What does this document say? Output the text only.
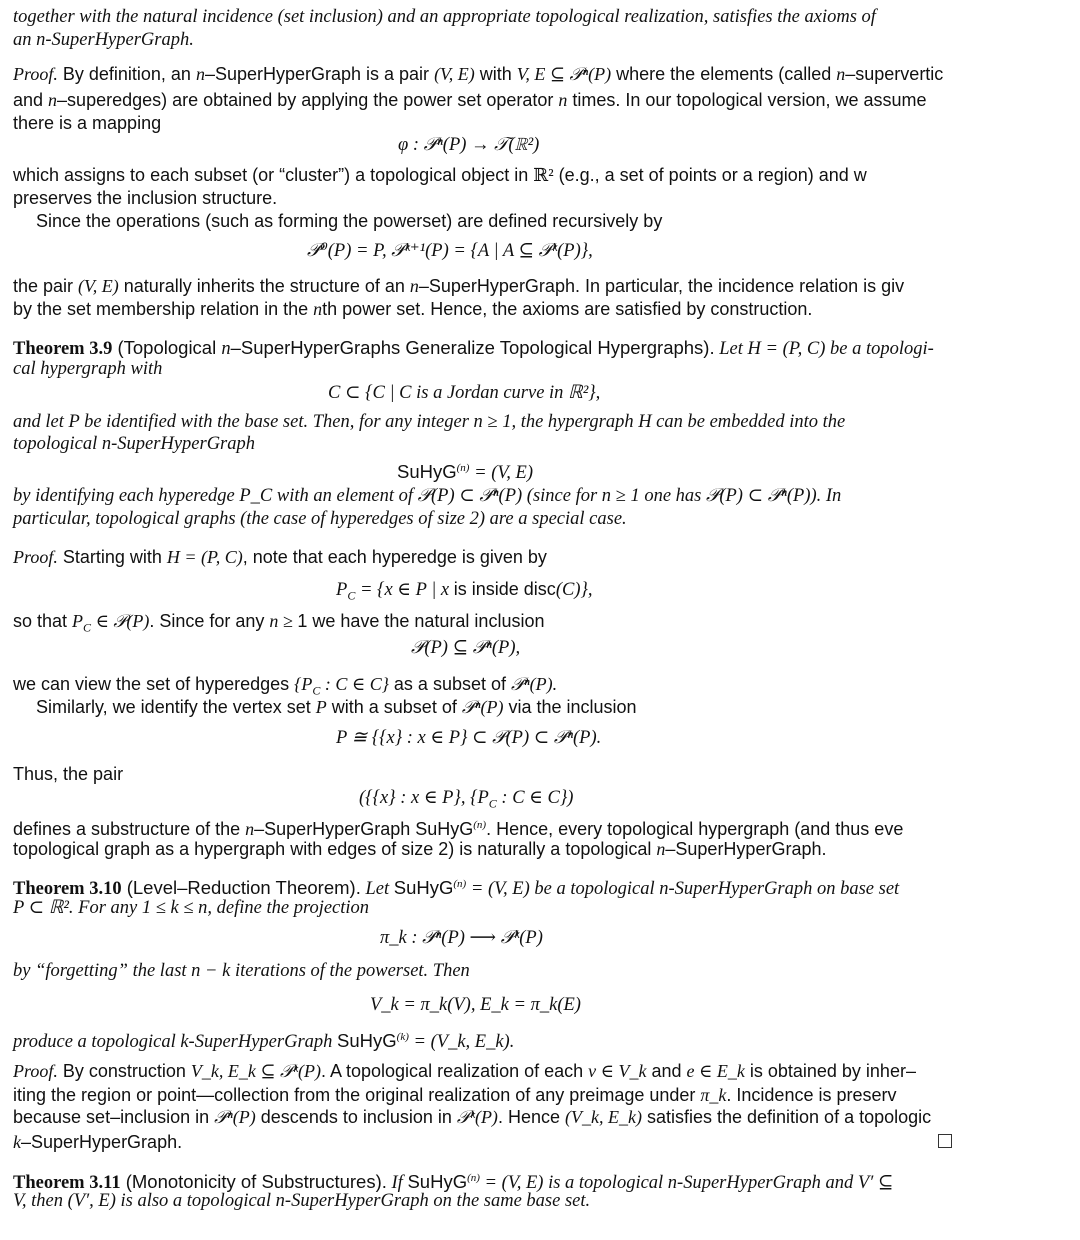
together with the natural incidence (set inclusion) and an appropriate topological realization, satisfies the axioms of
an n-SuperHyperGraph.
Proof. By definition, an n–SuperHyperGraph is a pair (V, E) with V, E ⊆ 𝒫ⁿ(P) where the elements (called n–supervertic
and n–superedges) are obtained by applying the power set operator n times. In our topological version, we assume
there is a mapping
φ : 𝒫ⁿ(P) → 𝒯(ℝ²)
which assigns to each subset (or “cluster”) a topological object in ℝ² (e.g., a set of points or a region) and w
preserves the inclusion structure.
Since the operations (such as forming the powerset) are defined recursively by
𝒫⁰(P) = P, 𝒫ᵏ⁺¹(P) = {A | A ⊆ 𝒫ᵏ(P)},
the pair (V, E) naturally inherits the structure of an n–SuperHyperGraph. In particular, the incidence relation is giv
by the set membership relation in the nth power set. Hence, the axioms are satisfied by construction.
Theorem 3.9 (Topological n–SuperHyperGraphs Generalize Topological Hypergraphs). Let H = (P, C) be a topologi-
cal hypergraph with
C ⊂ {C | C is a Jordan curve in ℝ²},
and let P be identified with the base set. Then, for any integer n ≥ 1, the hypergraph H can be embedded into the
topological n-SuperHyperGraph
SuHyG$^{(n)}$ = (V, E)
by identifying each hyperedge P_C with an element of 𝒫(P) ⊂ 𝒫ⁿ(P) (since for n ≥ 1 one has 𝒫(P) ⊂ 𝒫ⁿ(P)). In
particular, topological graphs (the case of hyperedges of size 2) are a special case.
Proof. Starting with H = (P, C), note that each hyperedge is given by
$P_C = \{x$ ∈ P | x is inside disc(C)},
so that $P_C$ ∈ 𝒫(P). Since for any n ≥ 1 we have the natural inclusion
𝒫(P) ⊆ 𝒫ⁿ(P),
we can view the set of hyperedges {$P_C$ : C ∈ C} as a subset of 𝒫ⁿ(P).
Similarly, we identify the vertex set P with a subset of 𝒫ⁿ(P) via the inclusion
P ≅ {{x} : x ∈ P} ⊂ 𝒫(P) ⊂ 𝒫ⁿ(P).
Thus, the pair
({{x} : x ∈ P}, {$P_C$ : C ∈ C})
defines a substructure of the n–SuperHyperGraph SuHyG$^{(n)}$. Hence, every topological hypergraph (and thus eve
topological graph as a hypergraph with edges of size 2) is naturally a topological n–SuperHyperGraph.
Theorem 3.10 (Level–Reduction Theorem). Let SuHyG$^{(n)}$ = (V, E) be a topological n-SuperHyperGraph on base set
P ⊂ ℝ². For any 1 ≤ k ≤ n, define the projection
π_k : 𝒫ⁿ(P) ⟶ 𝒫ᵏ(P)
by “forgetting” the last n − k iterations of the powerset. Then
V_k = π_k(V), E_k = π_k(E)
produce a topological k-SuperHyperGraph SuHyG$^{(k)}$ = (V_k, E_k).
Proof. By construction V_k, E_k ⊆ 𝒫ᵏ(P). A topological realization of each v ∈ V_k and e ∈ E_k is obtained by inher–
iting the region or point—collection from the original realization of any preimage under π_k. Incidence is preserv
because set–inclusion in 𝒫ⁿ(P) descends to inclusion in 𝒫ᵏ(P). Hence (V_k, E_k) satisfies the definition of a topologic
k–SuperHyperGraph.
Theorem 3.11 (Monotonicity of Substructures). If SuHyG$^{(n)}$ = (V, E) is a topological n-SuperHyperGraph and V′ ⊆
V, then (V′, E) is also a topological n-SuperHyperGraph on the same base set.
